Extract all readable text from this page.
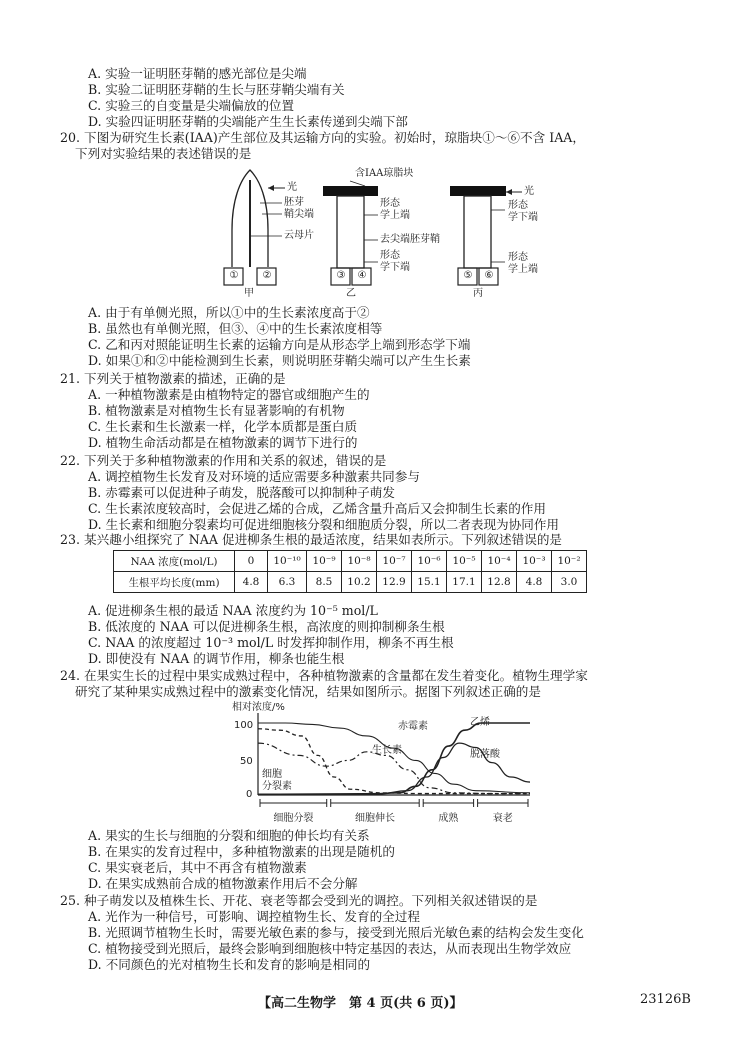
A. 实验一证明胚芽鞘的感光部位是尖端
B. 实验二证明胚芽鞘的生长与胚芽鞘尖端有关
C. 实验三的自变量是尖端偏放的位置
D. 实验四证明胚芽鞘的尖端能产生生长素传递到尖端下部
20. 下图为研究生长素(IAA)产生部位及其运输方向的实验。初始时，琼脂块①～⑥不含 IAA，
下列对实验结果的表述错误的是
含IAA琼脂块
光
胚芽
鞘尖端
云母片
① ②
甲
形态
学上端
去尖端胚芽鞘
形态
学下端
③ ④
乙
光
形态
学下端
形态
学上端
⑤ ⑥
丙
A. 由于有单侧光照，所以①中的生长素浓度高于②
B. 虽然也有单侧光照，但③、④中的生长素浓度相等
C. 乙和丙对照能证明生长素的运输方向是从形态学上端到形态学下端
D. 如果①和②中能检测到生长素，则说明胚芽鞘尖端可以产生生长素
21. 下列关于植物激素的描述，正确的是
A. 一种植物激素是由植物特定的器官或细胞产生的
B. 植物激素是对植物生长有显著影响的有机物
C. 生长素和生长激素一样，化学本质都是蛋白质
D. 植物生命活动都是在植物激素的调节下进行的
22. 下列关于多种植物激素的作用和关系的叙述，错误的是
A. 调控植物生长发育及对环境的适应需要多种激素共同参与
B. 赤霉素可以促进种子萌发，脱落酸可以抑制种子萌发
C. 生长素浓度较高时，会促进乙烯的合成，乙烯含量升高后又会抑制生长素的作用
D. 生长素和细胞分裂素均可促进细胞核分裂和细胞质分裂，所以二者表现为协同作用
23. 某兴趣小组探究了 NAA 促进柳条生根的最适浓度，结果如表所示。下列叙述错误的是
NAA 浓度(mol/L)	0	10⁻¹⁰	10⁻⁹	10⁻⁸	10⁻⁷	10⁻⁶	10⁻⁵	10⁻⁴	10⁻³	10⁻²
生根平均长度(mm)	4.8	6.3	8.5	10.2	12.9	15.1	17.1	12.8	4.8	3.0
A. 促进柳条生根的最适 NAA 浓度约为 10⁻⁵ mol/L
B. 低浓度的 NAA 可以促进柳条生根，高浓度的则抑制柳条生根
C. NAA 的浓度超过 10⁻³ mol/L 时发挥抑制作用，柳条不再生根
D. 即使没有 NAA 的调节作用，柳条也能生根
24. 在果实生长的过程中果实成熟过程中，各种植物激素的含量都在发生着变化。植物生理学家
研究了某种果实成熟过程中的激素变化情况，结果如图所示。据图下列叙述正确的是
相对浓度/%
100
50
0
细胞分裂	细胞伸长	成熟	衰老
细胞分裂素
生长素
赤霉素	乙烯
脱落酸
A. 果实的生长与细胞的分裂和细胞的伸长均有关系
B. 在果实的发育过程中，多种植物激素的出现是随机的
C. 果实衰老后，其中不再含有植物激素
D. 在果实成熟前合成的植物激素作用后不会分解
25. 种子萌发以及植株生长、开花、衰老等都会受到光的调控。下列相关叙述错误的是
A. 光作为一种信号，可影响、调控植物生长、发育的全过程
B. 光照调节植物生长时，需要光敏色素的参与，接受到光照后光敏色素的结构会发生变化
C. 植物接受到光照后，最终会影响到细胞核中特定基因的表达，从而表现出生物学效应
D. 不同颜色的光对植物生长和发育的影响是相同的
【高二生物学　第 4 页(共 6 页)】	23126B
